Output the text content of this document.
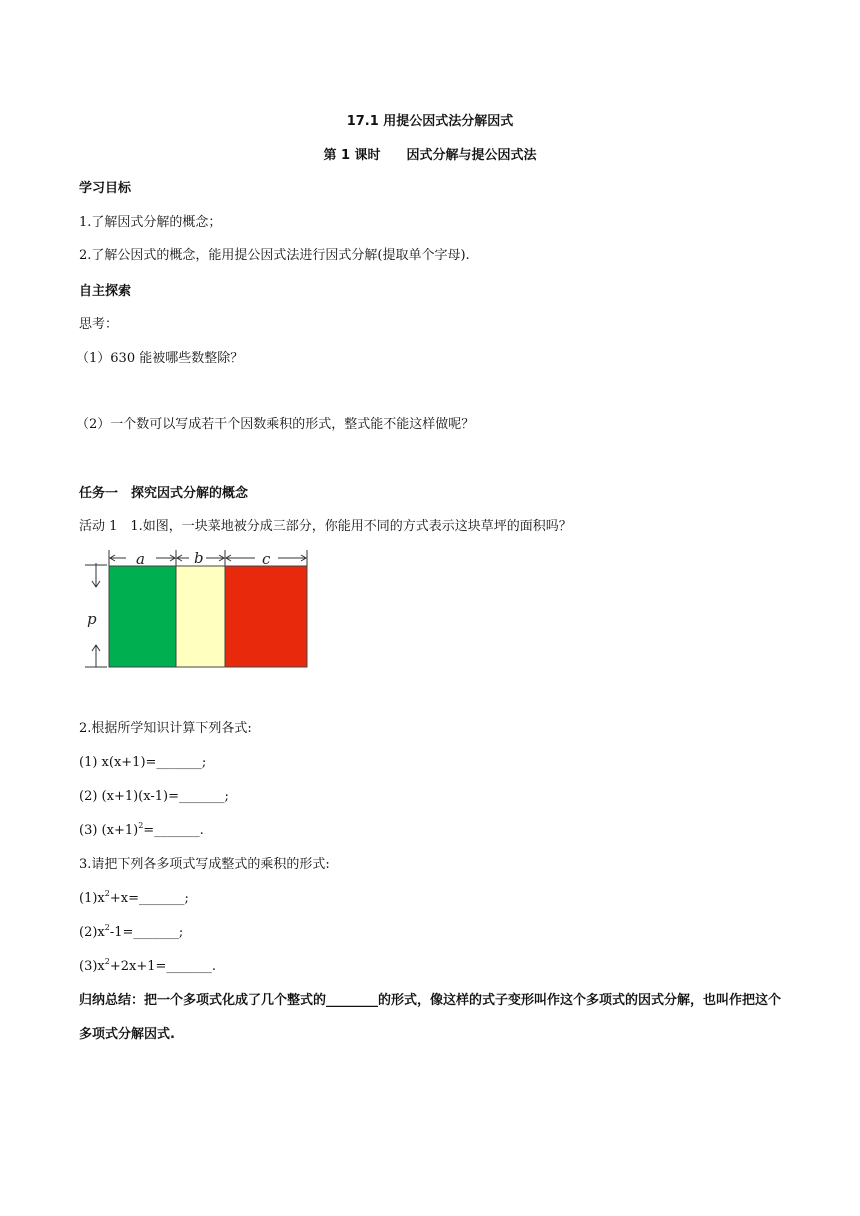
17.1 用提公因式法分解因式
第 1 课时　　因式分解与提公因式法
学习目标
1.了解因式分解的概念；
2.了解公因式的概念，能用提公因式法进行因式分解(提取单个字母).
自主探索
思考：
（1）630 能被哪些数整除？
（2）一个数可以写成若干个因数乘积的形式，整式能不能这样做呢？
任务一　探究因式分解的概念
活动 1　1.如图，一块菜地被分成三部分，你能用不同的方式表示这块草坪的面积吗？
a	b	c
p
2.根据所学知识计算下列各式:
(1) x(x+1)=_______;
(2) (x+1)(x-1)=_______;
(3) $(x+1)^2=\_\_\_\_\_\_\_$.
3.请把下列各多项式写成整式的乘积的形式:
$(1)x^2+x=\_\_\_\_\_\_\_$;
$(2)x^2-1=\_\_\_\_\_\_\_$;
$(3)x^2+2x+1=\_\_\_\_\_\_\_$.
归纳总结：把一个多项式化成了几个整式的________的形式，像这样的式子变形叫作这个多项式的因式分解，也叫作把这个多项式分解因式.
